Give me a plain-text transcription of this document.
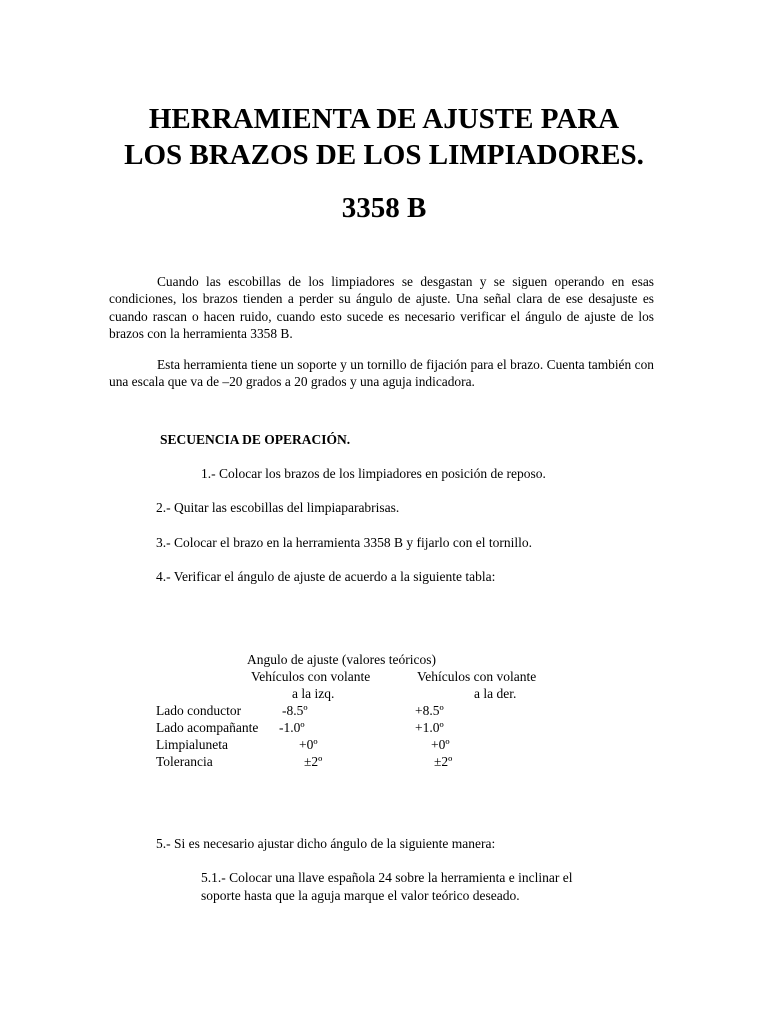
HERRAMIENTA DE AJUSTE PARA
LOS BRAZOS DE LOS LIMPIADORES.
3358 B

Cuando las escobillas de los limpiadores se desgastan y se siguen operando en esas condiciones, los brazos tienden a perder su ángulo de ajuste. Una señal clara de ese desajuste es cuando rascan o hacen ruido, cuando esto sucede es necesario verificar el ángulo de ajuste de los brazos con la herramienta 3358 B.

Esta herramienta tiene un soporte y un tornillo de fijación para el brazo. Cuenta también con una escala que va de –20 grados a 20 grados y una aguja indicadora.

SECUENCIA DE OPERACIÓN.
1.- Colocar los brazos de los limpiadores en posición de reposo.
2.- Quitar las escobillas del limpiaparabrisas.
3.- Colocar el brazo en la herramienta 3358 B y fijarlo con el tornillo.
4.- Verificar el ángulo de ajuste de acuerdo a la siguiente tabla:
Angulo de ajuste (valores teóricos)
Vehículos con volante	Vehículos con volante
a la izq.	a la der.
Lado conductor	-8.5º	+8.5º
Lado acompañante -1.0º	+1.0º
Limpialuneta	+0º	+0º
Tolerancia	±2º	±2º
5.- Si es necesario ajustar dicho ángulo de la siguiente manera:
5.1.- Colocar una llave española 24 sobre la herramienta e inclinar el soporte hasta que la aguja marque el valor teórico deseado.
